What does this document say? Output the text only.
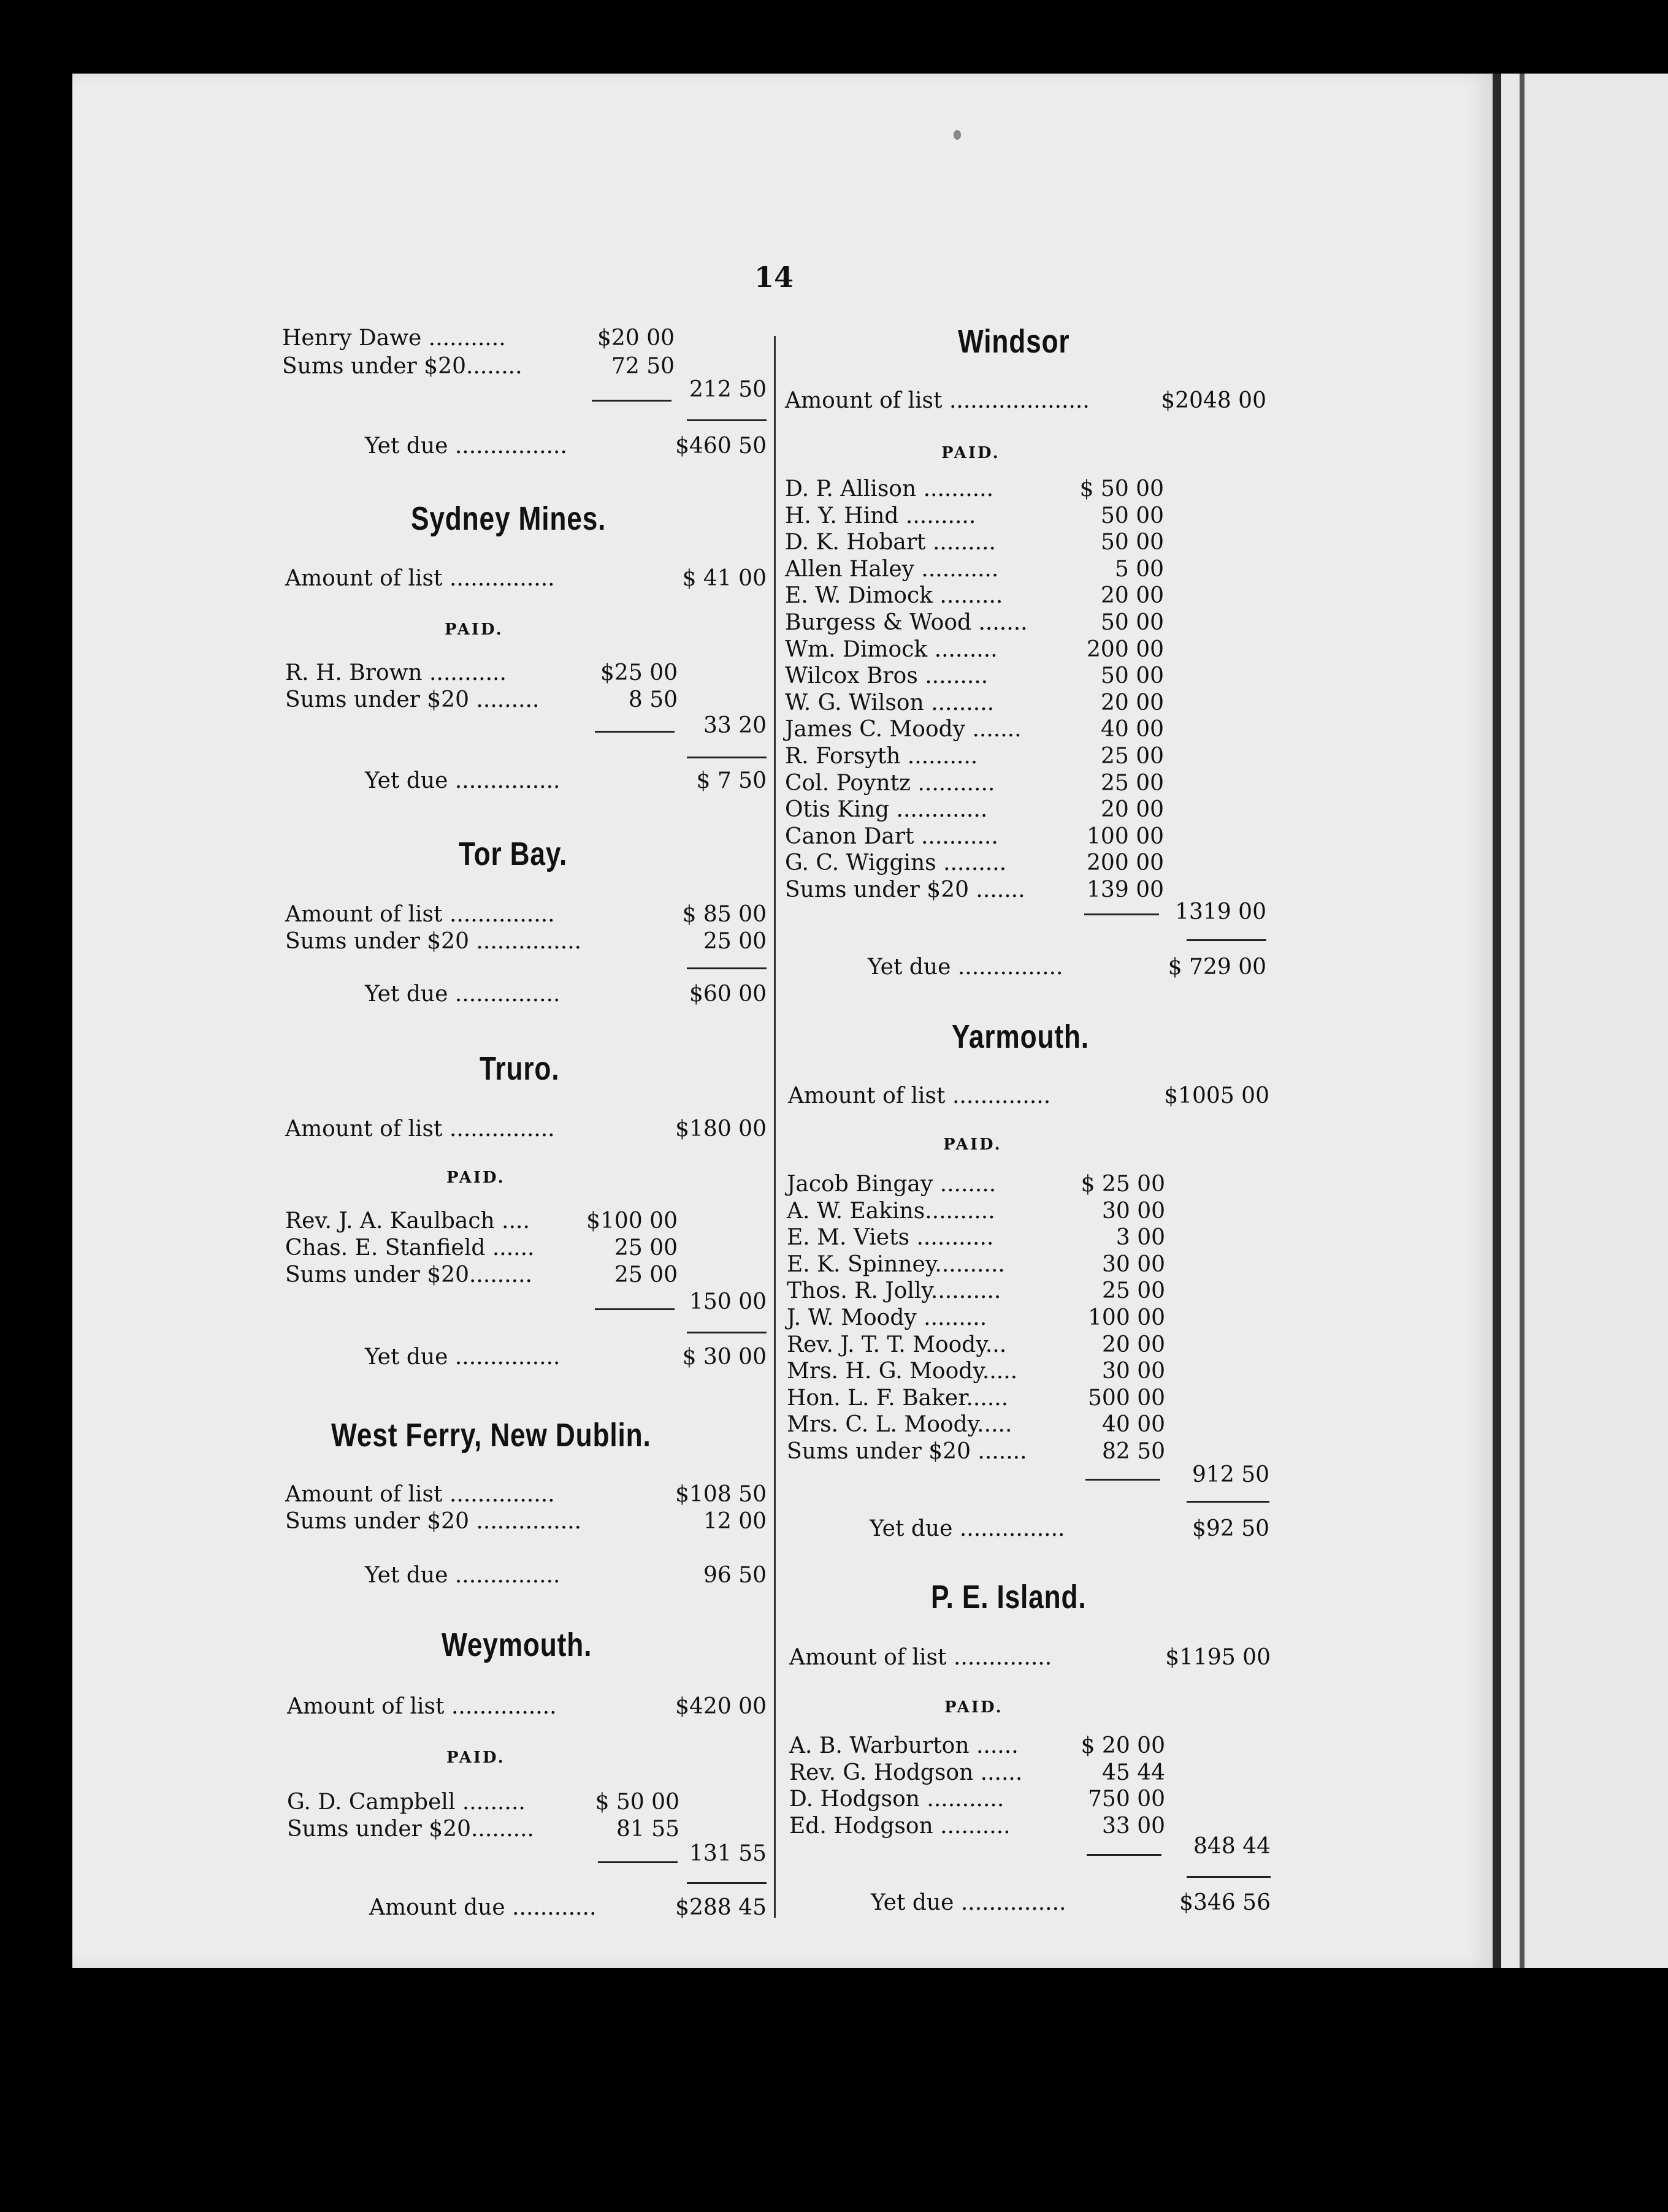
14
Henry Dawe ...........	$20 00
Sums under $20........	72 50
212 50
Yet due ................	$460 50
Sydney Mines.
Amount of list ...............	$ 41 00
PAID.
R. H. Brown ...........	$25 00
Sums under $20 .........	8 50
33 20
Yet due ...............	$ 7 50
Tor Bay.
Amount of list ...............	$ 85 00
Sums under $20 ...............	25 00
Yet due ...............	$60 00
Truro.
Amount of list ...............	$180 00
PAID.
Rev. J. A. Kaulbach ....	$100 00
Chas. E. Stanfield ......	25 00
Sums under $20.........	25 00
150 00
Yet due ...............	$ 30 00
West Ferry, New Dublin.
Amount of list ...............	$108 50
Sums under $20 ...............	12 00
Yet due ...............	96 50
Weymouth.
Amount of list ...............	$420 00
PAID.
G. D. Campbell .........	$ 50 00
Sums under $20.........	81 55
131 55
Amount due ............	$288 45
Windsor
Amount of list ....................	$2048 00
PAID.
D. P. Allison ..........	$ 50 00
H. Y. Hind ..........	50 00
D. K. Hobart .........	50 00
Allen Haley ...........	5 00
E. W. Dimock .........	20 00
Burgess & Wood .......	50 00
Wm. Dimock .........	200 00
Wilcox Bros .........	50 00
W. G. Wilson .........	20 00
James C. Moody .......	40 00
R. Forsyth ..........	25 00
Col. Poyntz ...........	25 00
Otis King .............	20 00
Canon Dart ...........	100 00
G. C. Wiggins .........	200 00
Sums under $20 .......	139 00
1319 00
Yet due ...............	$ 729 00
Yarmouth.
Amount of list ..............	$1005 00
PAID.
Jacob Bingay ........	$ 25 00
A. W. Eakins..........	30 00
E. M. Viets ...........	3 00
E. K. Spinney..........	30 00
Thos. R. Jolly..........	25 00
J. W. Moody .........	100 00
Rev. J. T. T. Moody...	20 00
Mrs. H. G. Moody.....	30 00
Hon. L. F. Baker......	500 00
Mrs. C. L. Moody.....	40 00
Sums under $20 .......	82 50
912 50
Yet due ...............	$92 50
P. E. Island.
Amount of list ..............	$1195 00
PAID.
A. B. Warburton ......	$ 20 00
Rev. G. Hodgson ......	45 44
D. Hodgson ...........	750 00
Ed. Hodgson ..........	33 00
848 44
Yet due ...............	$346 56
